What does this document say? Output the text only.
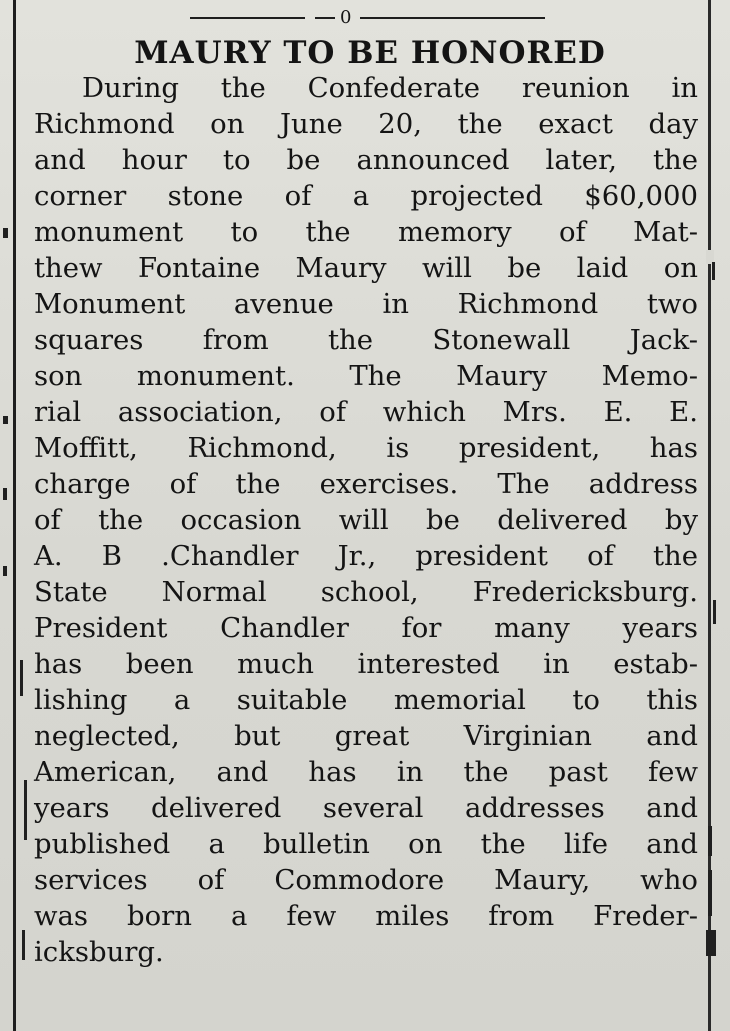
0
MAURY TO BE HONORED
During the Confederate reunion in
Richmond on June 20, the exact day
and hour to be announced later, the
corner stone of a projected $60,000
monument to the memory of Mat-
thew Fontaine Maury will be laid on
Monument avenue in Richmond two
squares from the Stonewall Jack-
son monument. The Maury Memo-
rial association, of which Mrs. E. E.
Moffitt, Richmond, is president, has
charge of the exercises. The address
of the occasion will be delivered by
A. B .Chandler Jr., president of the
State Normal school, Fredericksburg.
President Chandler for many years
has been much interested in estab-
lishing a suitable memorial to this
neglected, but great Virginian and
American, and has in the past few
years delivered several addresses and
published a bulletin on the life and
services of Commodore Maury, who
was born a few miles from Freder-
icksburg.
